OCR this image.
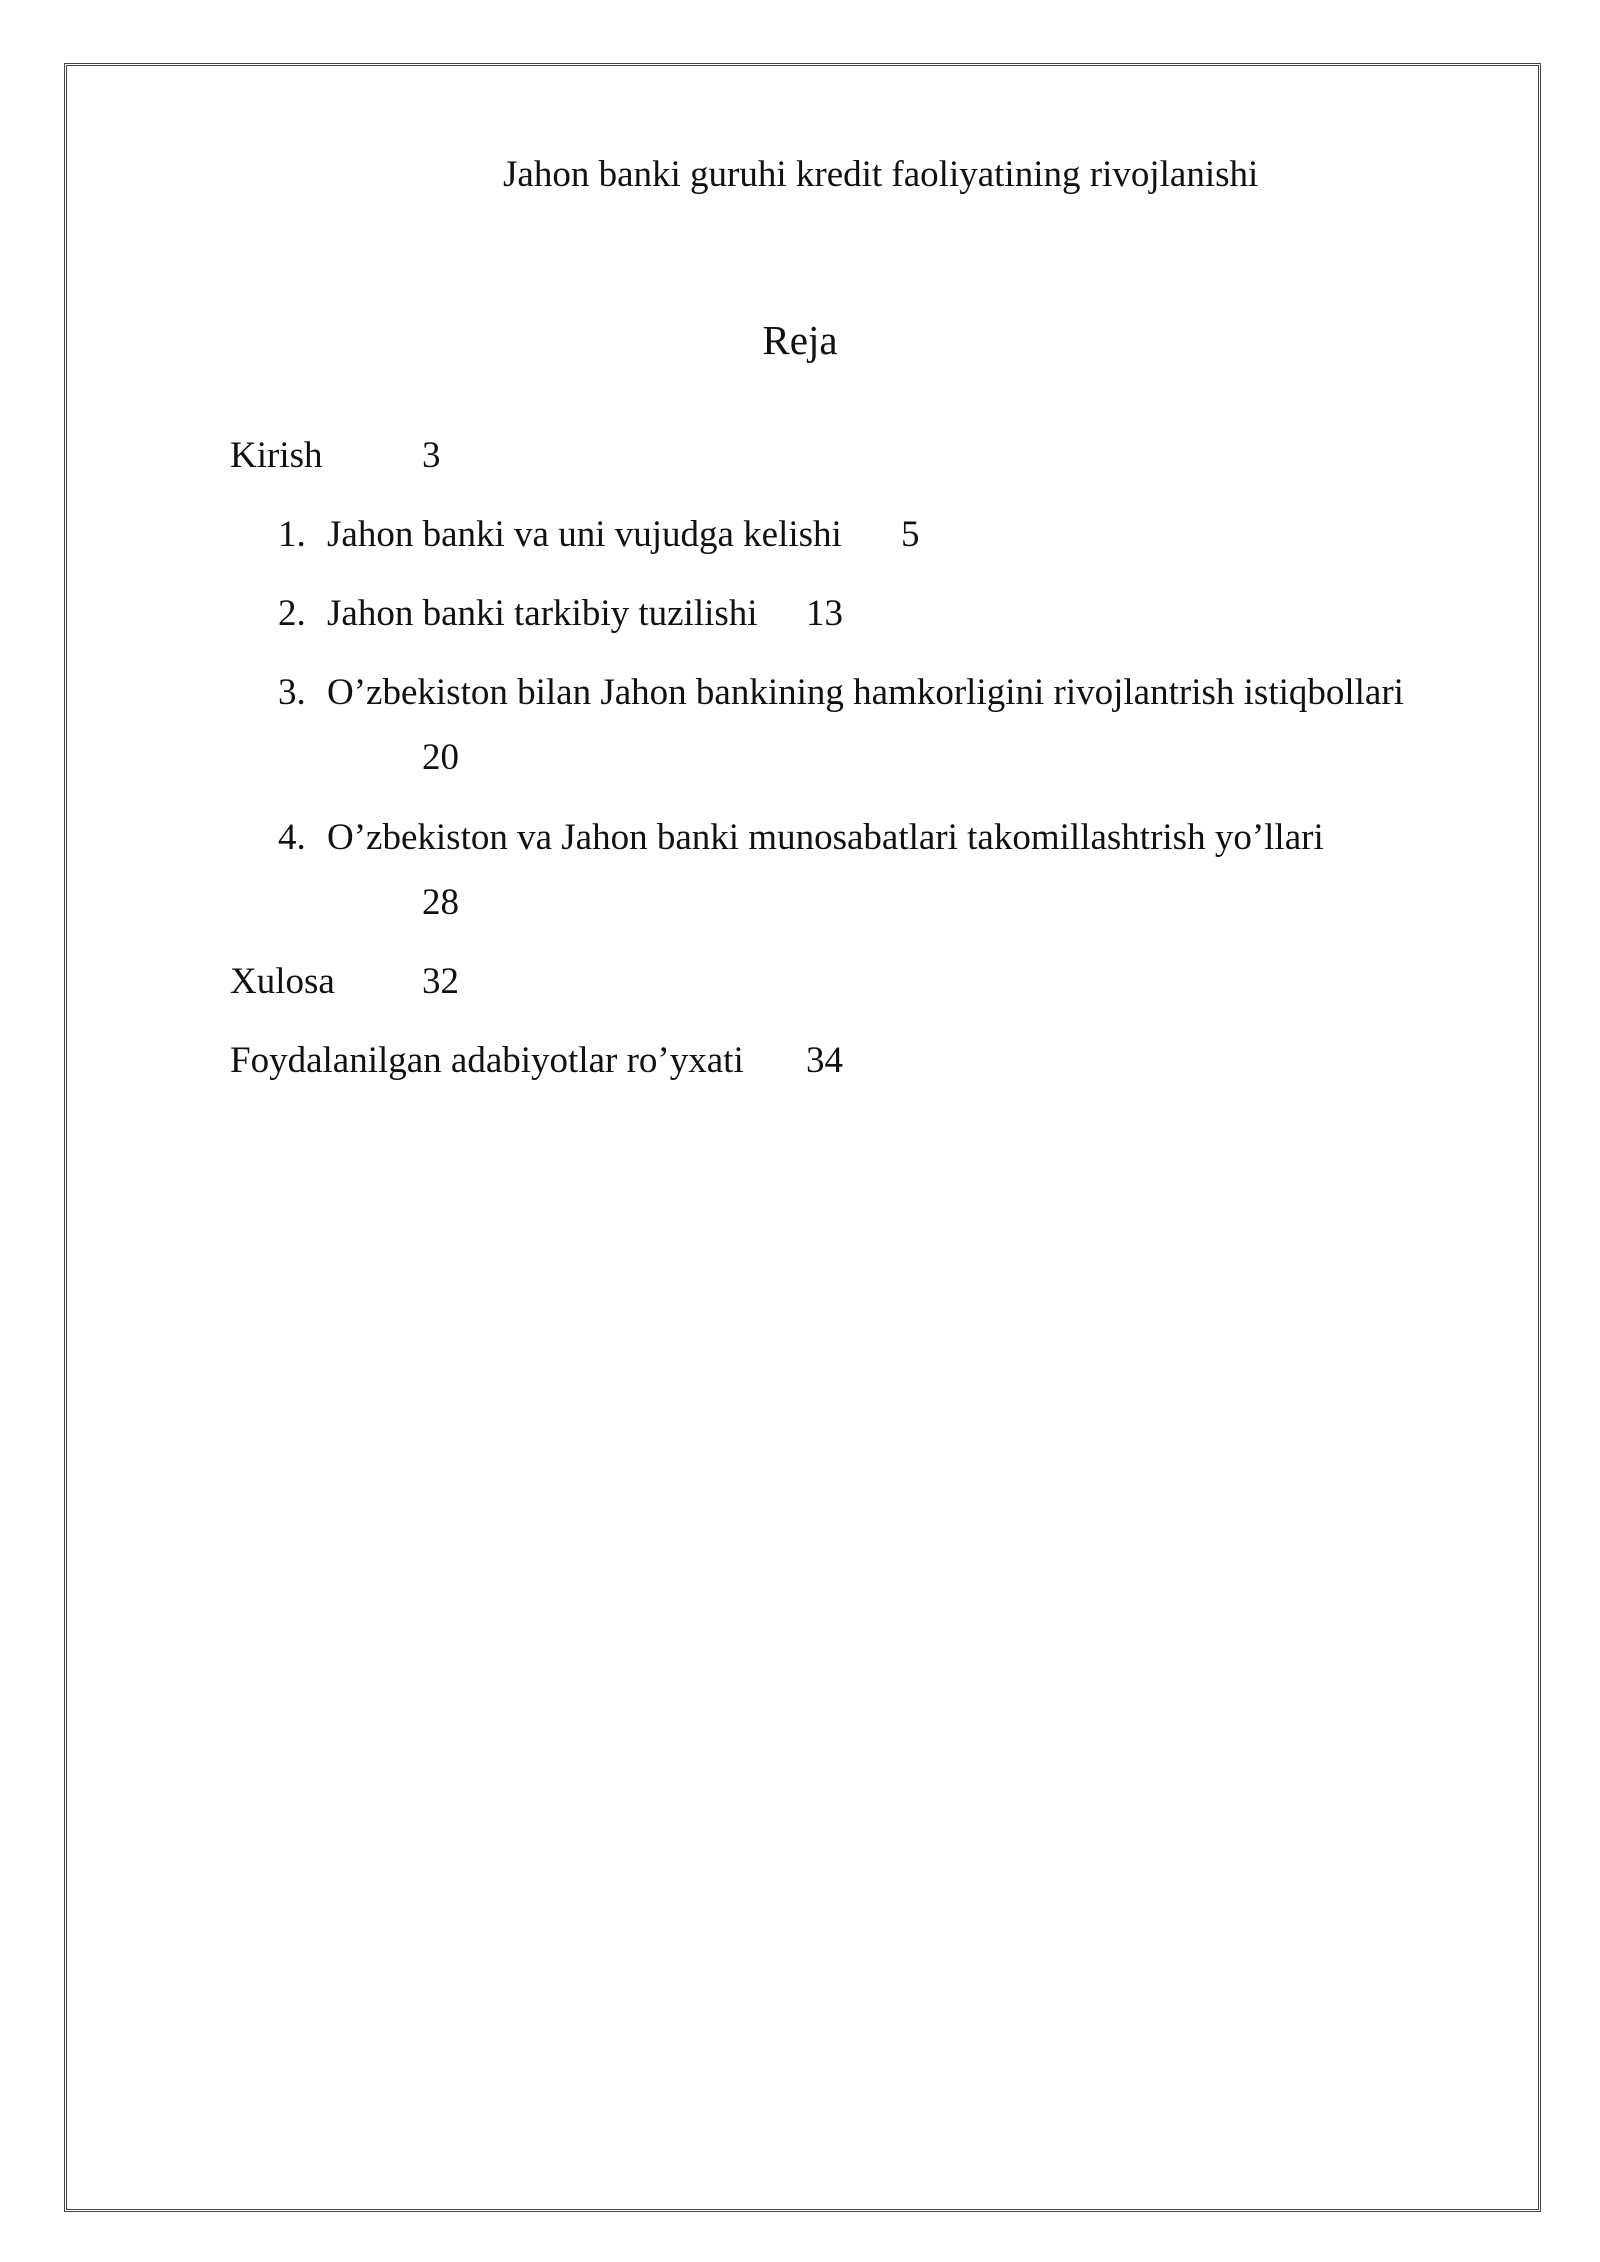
Jahon banki guruhi kredit faoliyatining rivojlanishi
Reja
Kirish	3
1. Jahon banki va uni vujudga kelishi 5
2. Jahon banki tarkibiy tuzilishi 13
3. O’zbekiston bilan Jahon bankining hamkorligini rivojlantrish istiqbollari
20
4. O’zbekiston va Jahon banki munosabatlari takomillashtrish yo’llari
28
Xulosa 32
Foydalanilgan adabiyotlar ro’yxati 34
